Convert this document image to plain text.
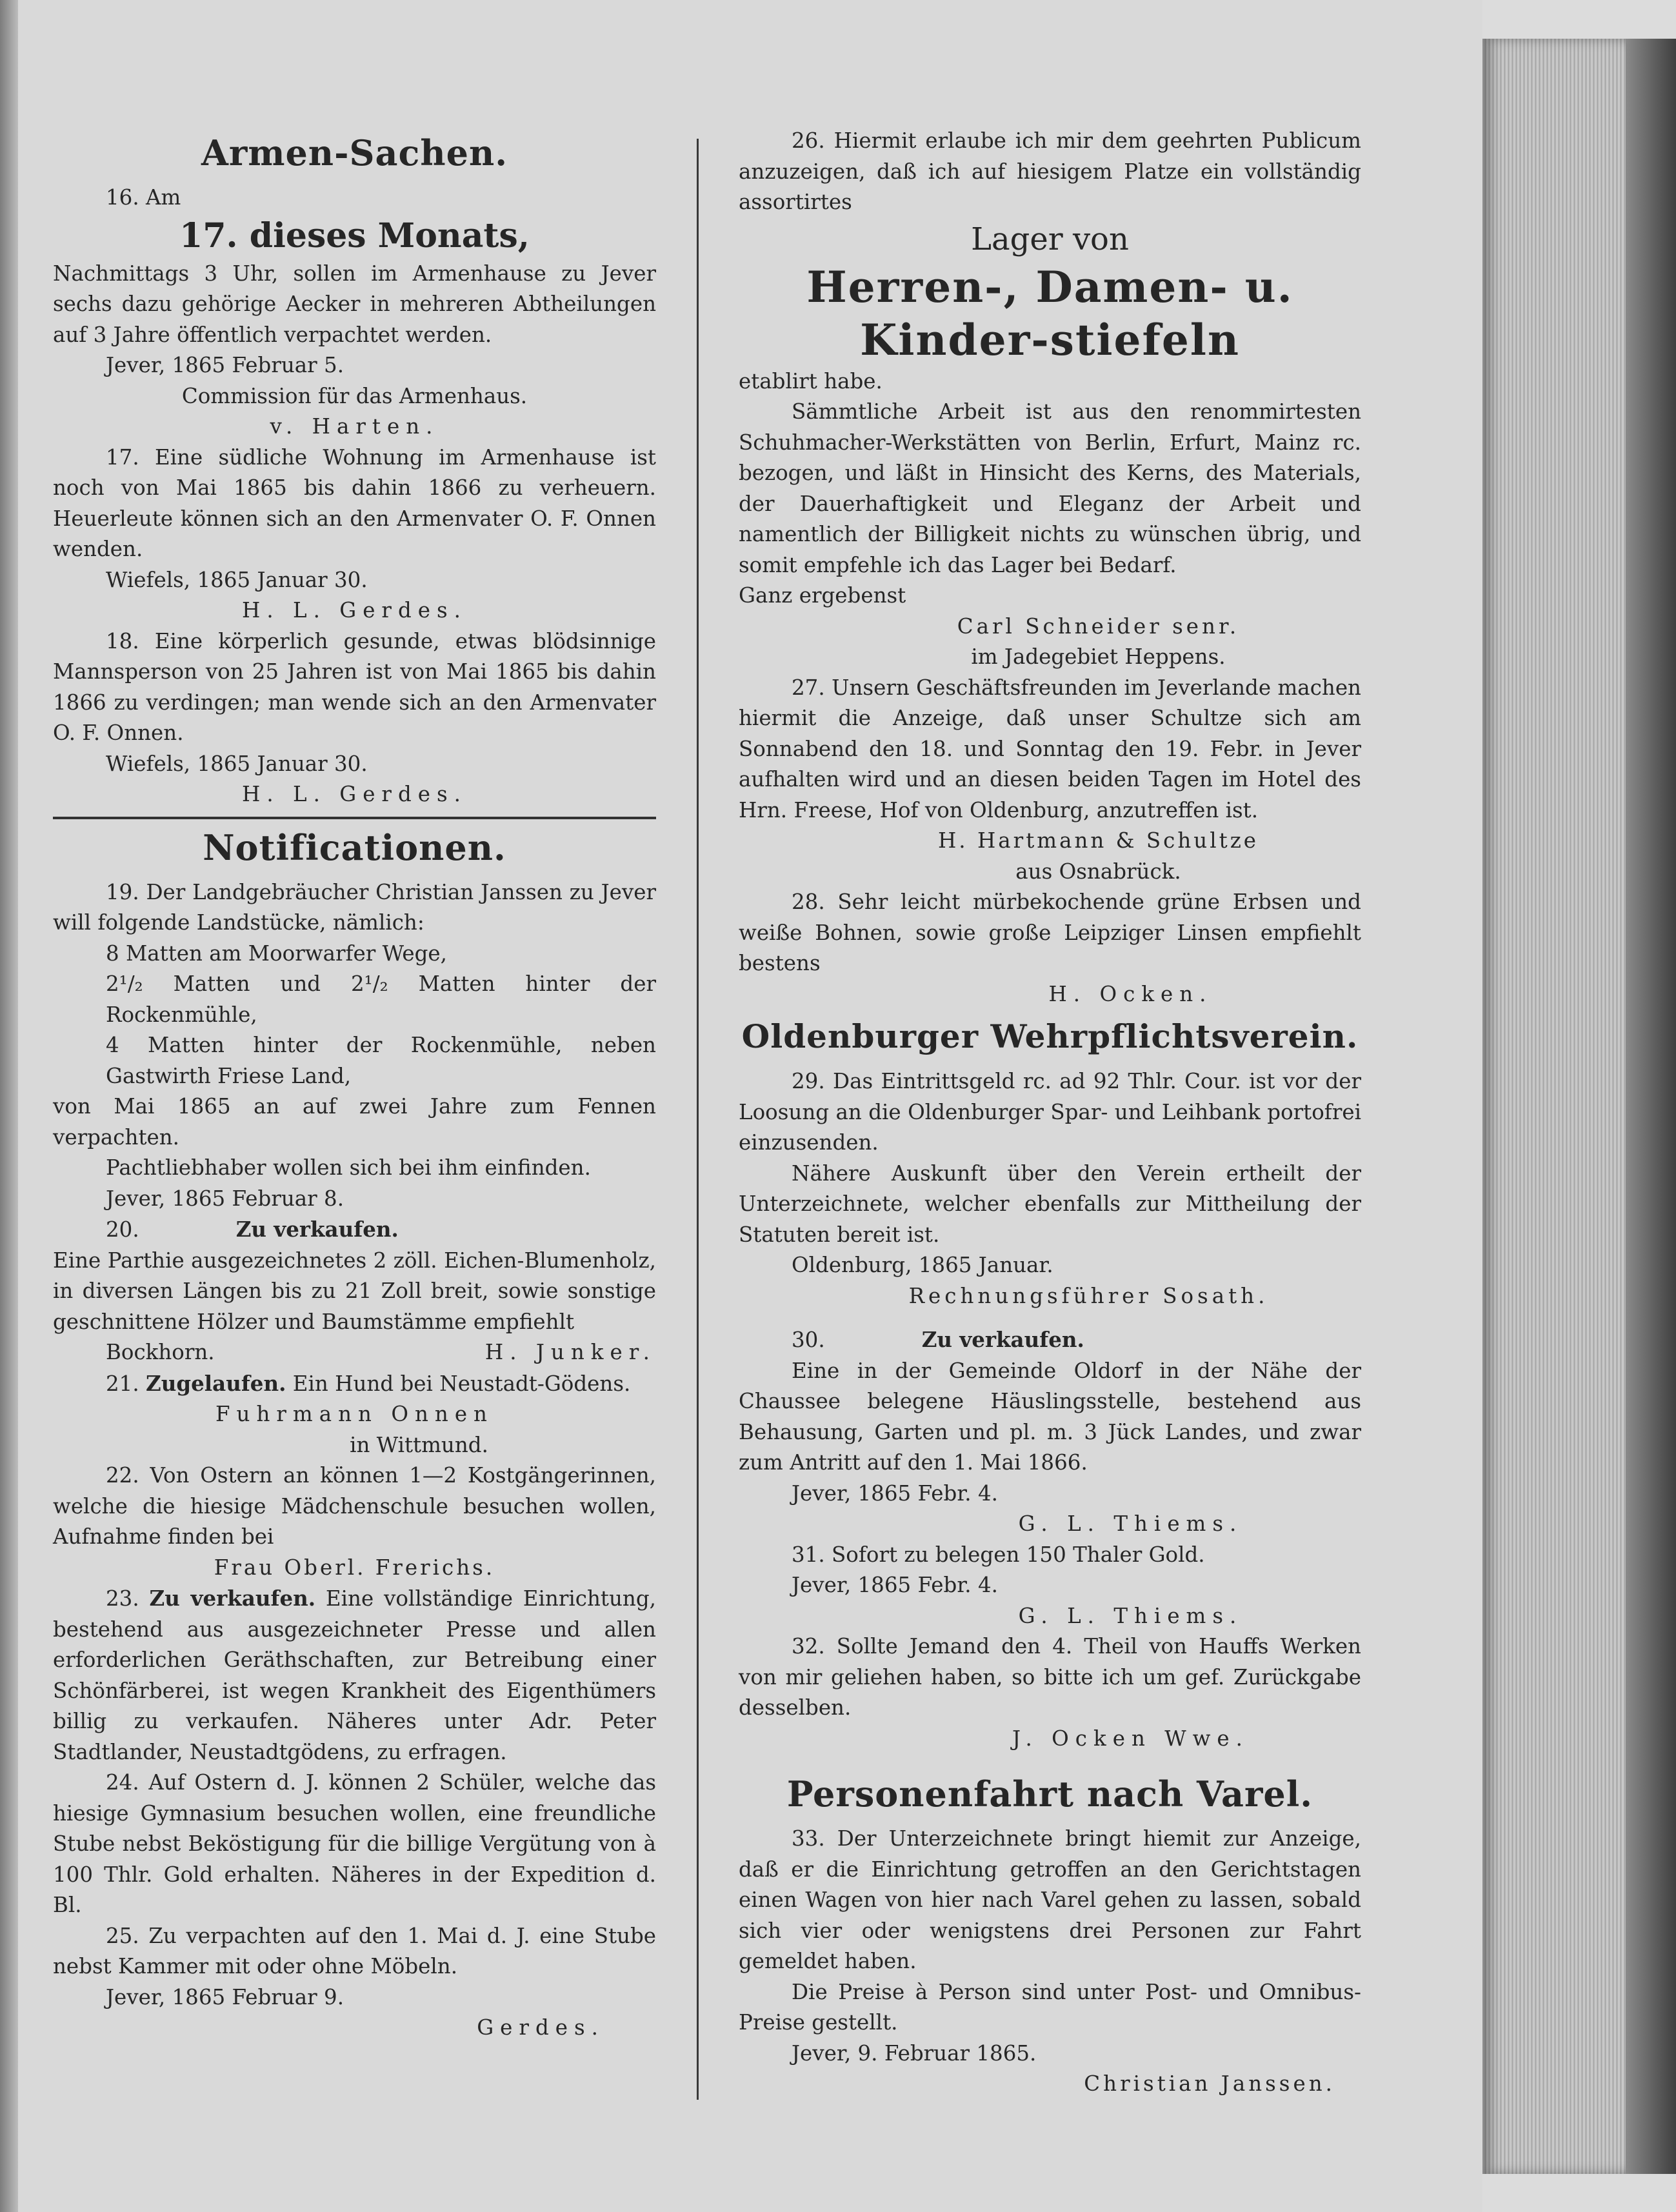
Armen-Sachen.

16. Am

17. dieses Monats,

Nachmittags 3 Uhr, sollen im Armenhause zu Jever sechs dazu gehörige Aecker in mehreren Abtheilungen auf 3 Jahre öffentlich verpachtet werden.

Jever, 1865 Februar 5.

Commission für das Armenhaus.

v. Harten.

17. Eine südliche Wohnung im Armenhause ist noch von Mai 1865 bis dahin 1866 zu verheuern. Heuerleute können sich an den Armenvater O. F. Onnen wenden.

Wiefels, 1865 Januar 30.

H. L. Gerdes.

18. Eine körperlich gesunde, etwas blödsinnige Mannsperson von 25 Jahren ist von Mai 1865 bis dahin 1866 zu verdingen; man wende sich an den Armenvater O. F. Onnen.

Wiefels, 1865 Januar 30.

H. L. Gerdes.

Notificationen.

19. Der Landgebräucher Christian Janssen zu Jever will folgende Landstücke, nämlich:

8 Matten am Moorwarfer Wege,

2¹/₂ Matten und 2¹/₂ Matten hinter der Rockenmühle,

4 Matten hinter der Rockenmühle, neben Gastwirth Friese Land,

von Mai 1865 an auf zwei Jahre zum Fennen verpachten.

Pachtliebhaber wollen sich bei ihm einfinden.

Jever, 1865 Februar 8.

20.	Zu verkaufen.

Eine Parthie ausgezeichnetes 2 zöll. Eichen-Blumenholz, in diversen Längen bis zu 21 Zoll breit, sowie sonstige geschnittene Hölzer und Baumstämme empfiehlt

Bockhorn.	H. Junker.

21. Zugelaufen. Ein Hund bei Neustadt-Gödens.

Fuhrmann Onnen

in Wittmund.

22. Von Ostern an können 1—2 Kostgängerinnen, welche die hiesige Mädchenschule besuchen wollen, Aufnahme finden bei

Frau Oberl. Frerichs.

23. Zu verkaufen. Eine vollständige Einrichtung, bestehend aus ausgezeichneter Presse und allen erforderlichen Geräthschaften, zur Betreibung einer Schönfärberei, ist wegen Krankheit des Eigenthümers billig zu verkaufen. Näheres unter Adr. Peter Stadtlander, Neustadtgödens, zu erfragen.

24. Auf Ostern d. J. können 2 Schüler, welche das hiesige Gymnasium besuchen wollen, eine freundliche Stube nebst Beköstigung für die billige Vergütung von à 100 Thlr. Gold erhalten. Näheres in der Expedition d. Bl.

25. Zu verpachten auf den 1. Mai d. J. eine Stube nebst Kammer mit oder ohne Möbeln.

Jever, 1865 Februar 9.

Gerdes.

26. Hiermit erlaube ich mir dem geehrten Publicum anzuzeigen, daß ich auf hiesigem Platze ein vollständig assortirtes

Lager von
Herren-, Damen- u. Kinder-stiefeln

etablirt habe.

Sämmtliche Arbeit ist aus den renommirtesten Schuhmacher-Werkstätten von Berlin, Erfurt, Mainz rc. bezogen, und läßt in Hinsicht des Kerns, des Materials, der Dauerhaftigkeit und Eleganz der Arbeit und namentlich der Billigkeit nichts zu wünschen übrig, und somit empfehle ich das Lager bei Bedarf.

Ganz ergebenst

Carl Schneider senr.

im Jadegebiet Heppens.

27. Unsern Geschäftsfreunden im Jeverlande machen hiermit die Anzeige, daß unser Schultze sich am Sonnabend den 18. und Sonntag den 19. Febr. in Jever aufhalten wird und an diesen beiden Tagen im Hotel des Hrn. Freese, Hof von Oldenburg, anzutreffen ist.

H. Hartmann & Schultze

aus Osnabrück.

28. Sehr leicht mürbekochende grüne Erbsen und weiße Bohnen, sowie große Leipziger Linsen empfiehlt bestens

H. Ocken.

Oldenburger Wehrpflichtsverein.

29. Das Eintrittsgeld rc. ad 92 Thlr. Cour. ist vor der Loosung an die Oldenburger Spar- und Leihbank portofrei einzusenden.

Nähere Auskunft über den Verein ertheilt der Unterzeichnete, welcher ebenfalls zur Mittheilung der Statuten bereit ist.

Oldenburg, 1865 Januar.

Rechnungsführer Sosath.

30.	Zu verkaufen.

Eine in der Gemeinde Oldorf in der Nähe der Chaussee belegene Häuslingsstelle, bestehend aus Behausung, Garten und pl. m. 3 Jück Landes, und zwar zum Antritt auf den 1. Mai 1866.

Jever, 1865 Febr. 4.

G. L. Thiems.

31. Sofort zu belegen 150 Thaler Gold.

Jever, 1865 Febr. 4.

G. L. Thiems.

32. Sollte Jemand den 4. Theil von Hauffs Werken von mir geliehen haben, so bitte ich um gef. Zurückgabe desselben.

J. Ocken Wwe.

Personenfahrt nach Varel.

33. Der Unterzeichnete bringt hiemit zur Anzeige, daß er die Einrichtung getroffen an den Gerichtstagen einen Wagen von hier nach Varel gehen zu lassen, sobald sich vier oder wenigstens drei Personen zur Fahrt gemeldet haben.

Die Preise à Person sind unter Post- und Omnibus-Preise gestellt.

Jever, 9. Februar 1865.

Christian Janssen.
